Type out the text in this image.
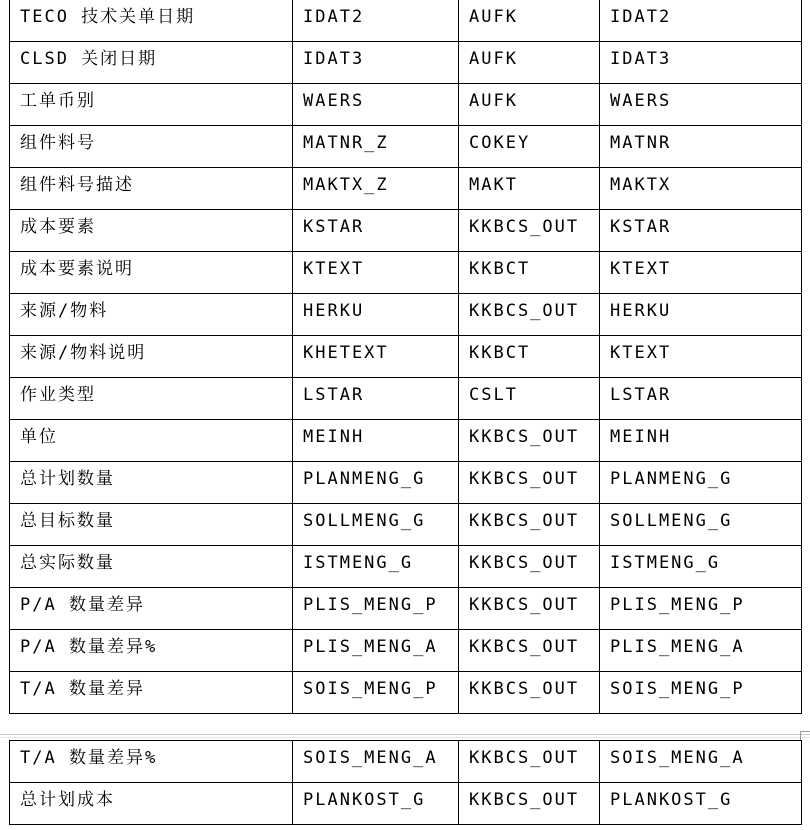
TECO 技术关单日期	IDAT2	AUFK	IDAT2

CLSD 关闭日期	IDAT3	AUFK	IDAT3

工单币别	WAERS	AUFK	WAERS

组件料号	MATNR_Z	COKEY	MATNR

组件料号描述	MAKTX_Z	MAKT	MAKTX

成本要素	KSTAR	KKBCS_OUT	KSTAR

成本要素说明	KTEXT	KKBCT	KTEXT

来源/物料	HERKU	KKBCS_OUT	HERKU

来源/物料说明	KHETEXT	KKBCT	KTEXT

作业类型	LSTAR	CSLT	LSTAR

单位	MEINH	KKBCS_OUT	MEINH

总计划数量	PLANMENG_G	KKBCS_OUT	PLANMENG_G

总目标数量	SOLLMENG_G	KKBCS_OUT	SOLLMENG_G

总实际数量	ISTMENG_G	KKBCS_OUT	ISTMENG_G

P/A 数量差异	PLIS_MENG_P	KKBCS_OUT	PLIS_MENG_P

P/A 数量差异%	PLIS_MENG_A	KKBCS_OUT	PLIS_MENG_A

T/A 数量差异	SOIS_MENG_P	KKBCS_OUT	SOIS_MENG_P
T/A 数量差异%	SOIS_MENG_A	KKBCS_OUT	SOIS_MENG_A

总计划成本	PLANKOST_G	KKBCS_OUT	PLANKOST_G
